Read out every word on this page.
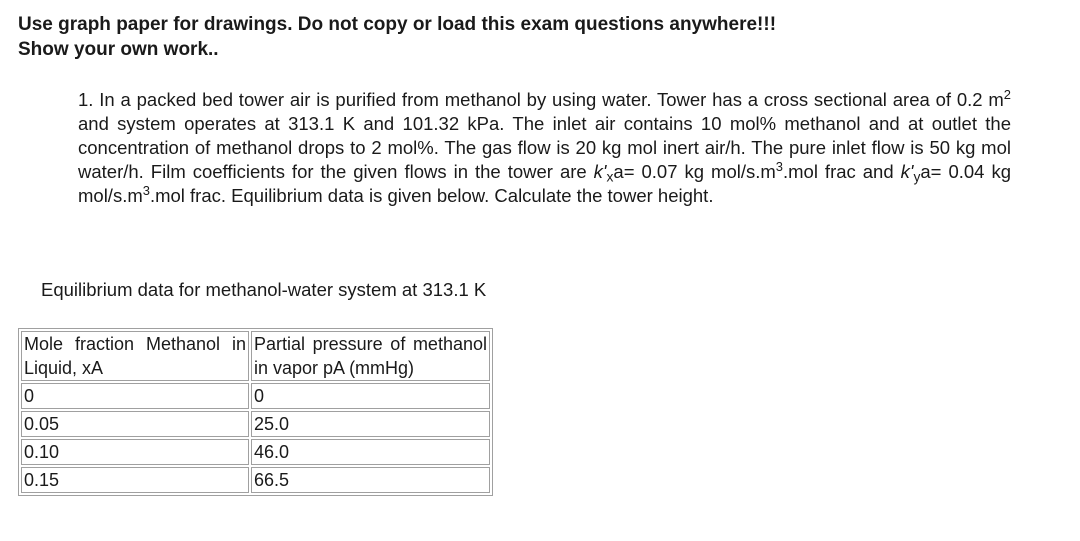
Use graph paper for drawings. Do not copy or load this exam questions anywhere!!!
Show your own work..

1. In a packed bed tower air is purified from methanol by using water. Tower has a cross sectional area of 0.2 $m^2$ and system operates at 313.1 K and 101.32 kPa. The inlet air contains 10 mol% methanol and at outlet the concentration of methanol drops to 2 mol%. The gas flow is 20 kg mol inert air/h. The pure inlet flow is 50 kg mol water/h. Film coefficients for the given flows in the tower are $k'_xa= 0.07$ kg mol/$s.m^3.mol$ frac and $k'_ya= 0.04$ kg mol/$s.m^3.mol$ frac. Equilibrium data is given below. Calculate the tower height.

Equilibrium data for methanol-water system at 313.1 K
Mole fraction Methanol in Liquid, xA	Partial pressure of methanol in vapor pA (mmHg)
0	0
0.05	25.0
0.10	46.0
0.15	66.5
